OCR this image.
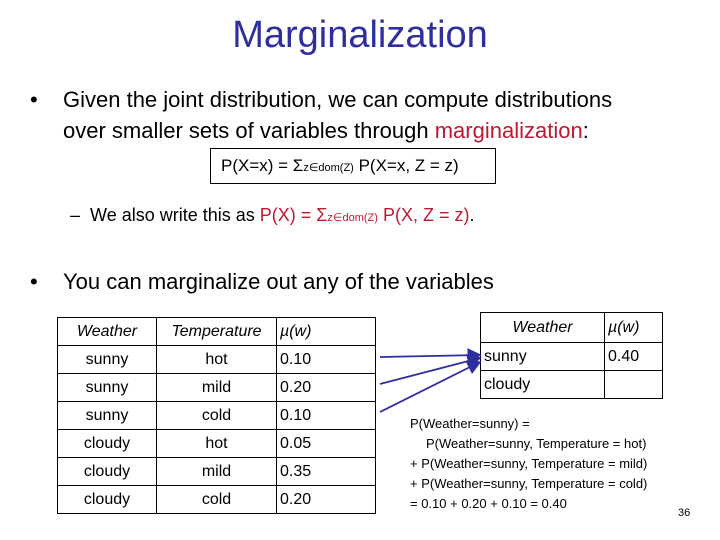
Marginalization
• Given the joint distribution, we can compute distributions
over smaller sets of variables through marginalization:
P(X=x) = Σz∈dom(Z) P(X=x, Z = z)
– We also write this as P(X) = Σz∈dom(Z) P(X, Z = z).
•	You can marginalize out any of the variables
Weather	Temperature	µ(w)
sunny	hot	0.10
sunny	mild	0.20
sunny	cold	0.10
cloudy	hot	0.05
cloudy	mild	0.35
cloudy	cold	0.20
Weather	µ(w)
sunny	0.40
cloudy	
P(Weather=sunny) =
P(Weather=sunny, Temperature = hot)
+ P(Weather=sunny, Temperature = mild)
+ P(Weather=sunny, Temperature = cold)
= 0.10 + 0.20 + 0.10 = 0.40
36
